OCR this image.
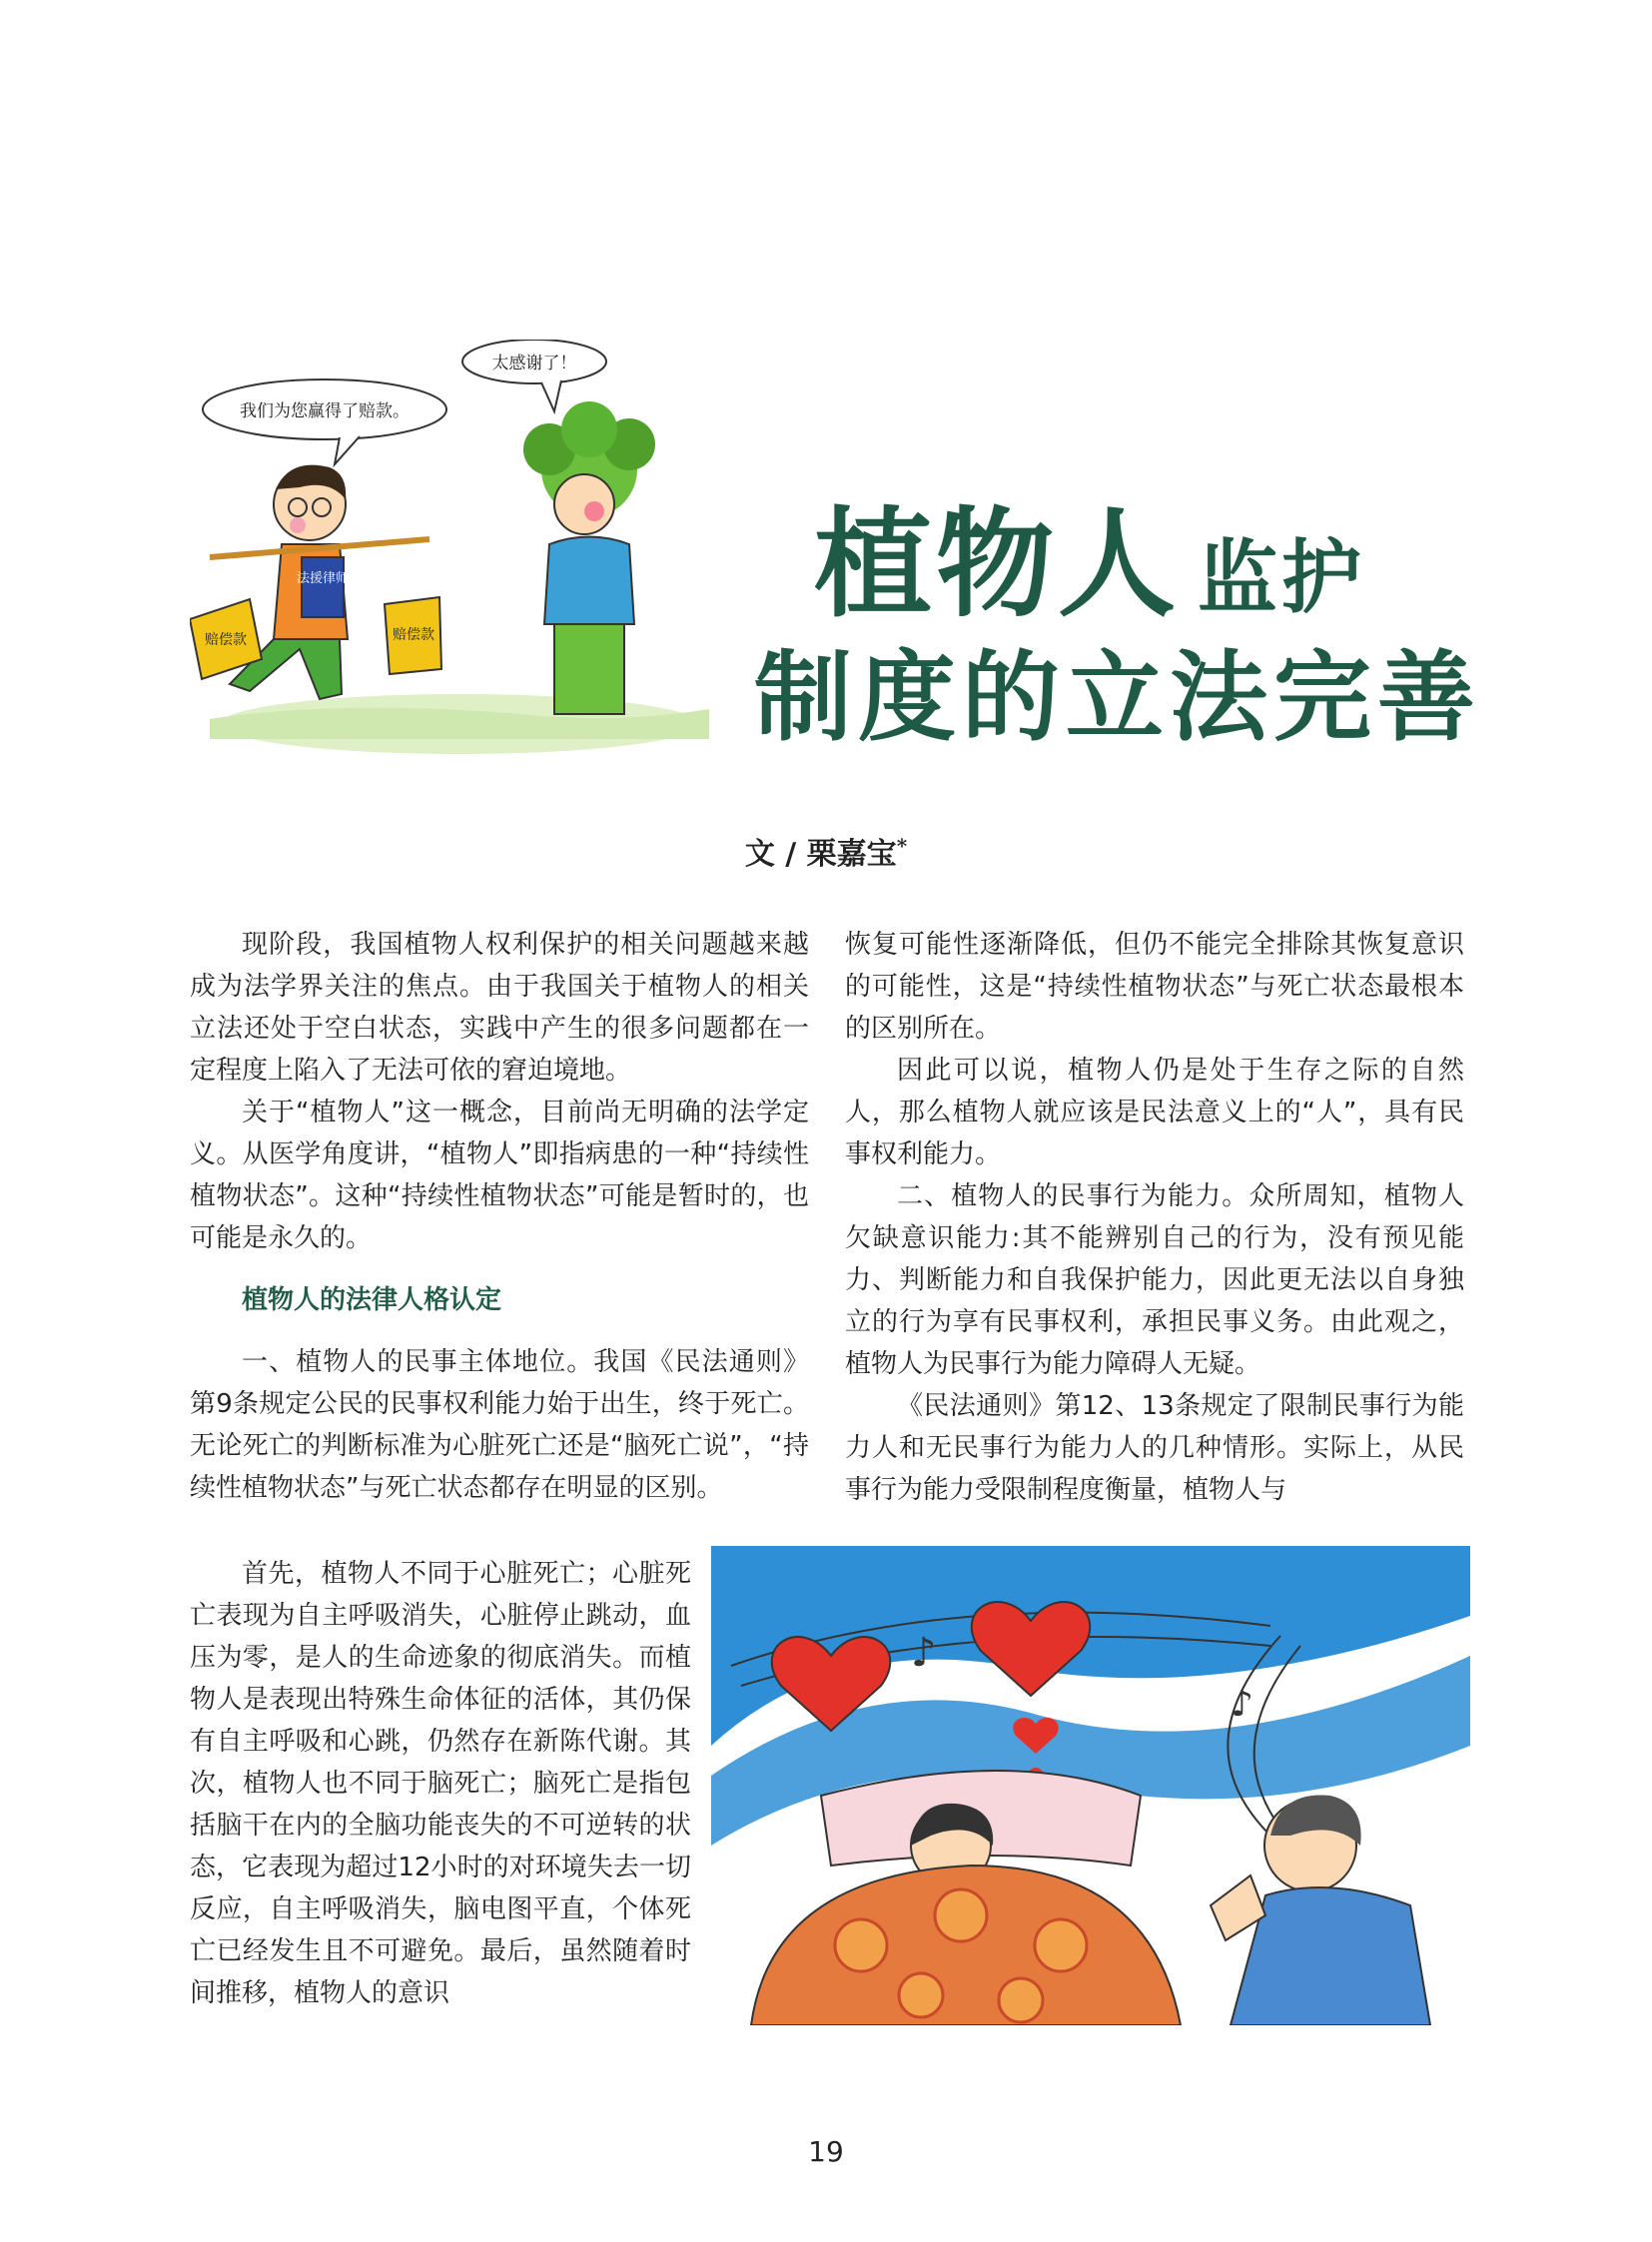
我们为您赢得了赔款。
太感谢了！
法援律师
赔偿款	赔偿款
植物人 监护
制度的立法完善
文 / 栗嘉宝*

现阶段，我国植物人权利保护的相关问题越来越成为法学界关注的焦点。由于我国关于植物人的相关立法还处于空白状态，实践中产生的很多问题都在一定程度上陷入了无法可依的窘迫境地。

关于“植物人”这一概念，目前尚无明确的法学定义。从医学角度讲，“植物人”即指病患的一种“持续性植物状态”。这种“持续性植物状态”可能是暂时的，也可能是永久的。

植物人的法律人格认定

一、植物人的民事主体地位。我国《民法通则》第9条规定公民的民事权利能力始于出生，终于死亡。无论死亡的判断标准为心脏死亡还是“脑死亡说”，“持续性植物状态”与死亡状态都存在明显的区别。

首先，植物人不同于心脏死亡；心脏死亡表现为自主呼吸消失，心脏停止跳动，血压为零，是人的生命迹象的彻底消失。而植物人是表现出特殊生命体征的活体，其仍保有自主呼吸和心跳，仍然存在新陈代谢。其次，植物人也不同于脑死亡；脑死亡是指包括脑干在内的全脑功能丧失的不可逆转的状态，它表现为超过12小时的对环境失去一切反应，自主呼吸消失，脑电图平直，个体死亡已经发生且不可避免。最后，虽然随着时间推移，植物人的意识

恢复可能性逐渐降低，但仍不能完全排除其恢复意识的可能性，这是“持续性植物状态”与死亡状态最根本的区别所在。

因此可以说，植物人仍是处于生存之际的自然人，那么植物人就应该是民法意义上的“人”，具有民事权利能力。

二、植物人的民事行为能力。众所周知，植物人欠缺意识能力:其不能辨别自己的行为，没有预见能力、判断能力和自我保护能力，因此更无法以自身独立的行为享有民事权利，承担民事义务。由此观之，植物人为民事行为能力障碍人无疑。

《民法通则》第12、13条规定了限制民事行为能力人和无民事行为能力人的几种情形。实际上，从民事行为能力受限制程度衡量，植物人与

♪
♪
19
